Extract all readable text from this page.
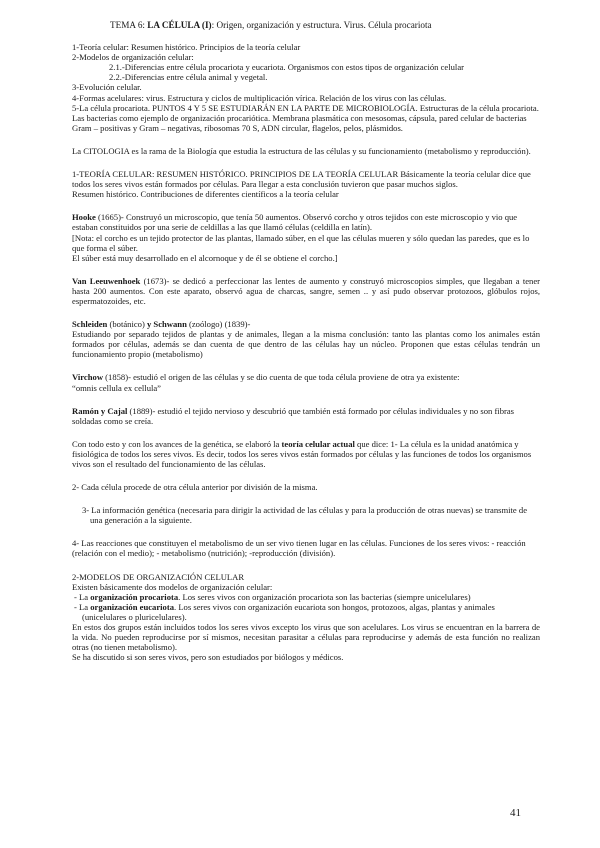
TEMA 6: LA CÉLULA (I): Origen, organización y estructura. Virus. Célula procariota

1-Teoría celular: Resumen histórico. Principios de la teoría celular

2-Modelos de organización celular:

2.1.-Diferencias entre célula procariota y eucariota. Organismos con estos tipos de organización celular

2.2.-Diferencias entre célula animal y vegetal.

3-Evolución celular.

4-Formas acelulares: virus. Estructura y ciclos de multiplicación vírica. Relación de los virus con las células.

5-La célula procariota. PUNTOS 4 Y 5 SE ESTUDIARÁN EN LA PARTE DE MICROBIOLOGÍA. Estructuras de la célula procariota. Las bacterias como ejemplo de organización procariótica. Membrana plasmática con mesosomas, cápsula, pared celular de bacterias Gram – positivas y Gram – negativas, ribosomas 70 S, ADN circular, flagelos, pelos, plásmidos.

La CITOLOGIA es la rama de la Biología que estudia la estructura de las células y su funcionamiento (metabolismo y reproducción).

1-TEORÍA CELULAR: RESUMEN HISTÓRICO. PRINCIPIOS DE LA TEORÍA CELULAR Básicamente la teoría celular dice que todos los seres vivos están formados por células. Para llegar a esta conclusión tuvieron que pasar muchos siglos.

Resumen histórico. Contribuciones de diferentes científicos a la teoría celular

Hooke (1665)- Construyó un microscopio, que tenía 50 aumentos. Observó corcho y otros tejidos con este microscopio y vio que estaban constituidos por una serie de celdillas a las que llamó células (celdilla en latín).

[Nota: el corcho es un tejido protector de las plantas, llamado súber, en el que las células mueren y sólo quedan las paredes, que es lo que forma el súber.

El súber está muy desarrollado en el alcornoque y de él se obtiene el corcho.]

Van Leeuwenhoek (1673)- se dedicó a perfeccionar las lentes de aumento y construyó microscopios simples, que llegaban a tener hasta 200 aumentos. Con este aparato, observó agua de charcas, sangre, semen .. y así pudo observar protozoos, glóbulos rojos, espermatozoides, etc.

Schleiden (botánico) y Schwann (zoólogo) (1839)-

Estudiando por separado tejidos de plantas y de animales, llegan a la misma conclusión: tanto las plantas como los animales están formados por células, además se dan cuenta de que dentro de las células hay un núcleo. Proponen que estas células tendrán un funcionamiento propio (metabolismo)

Virchow (1858)- estudió el origen de las células y se dio cuenta de que toda célula proviene de otra ya existente:

“omnis cellula ex cellula”

Ramón y Cajal (1889)- estudió el tejido nervioso y descubrió que también está formado por células individuales y no son fibras soldadas como se creía.

Con todo esto y con los avances de la genética, se elaboró la teoría celular actual que dice: 1- La célula es la unidad anatómica y fisiológica de todos los seres vivos. Es decir, todos los seres vivos están formados por células y las funciones de todos los organismos vivos son el resultado del funcionamiento de las células.

2- Cada célula procede de otra célula anterior por división de la misma.

3- La información genética (necesaria para dirigir la actividad de las células y para la producción de otras nuevas) se transmite de una generación a la siguiente.

4- Las reacciones que constituyen el metabolismo de un ser vivo tienen lugar en las células. Funciones de los seres vivos: - reacción (relación con el medio); - metabolismo (nutrición); -reproducción (división).

2-MODELOS DE ORGANIZACIÓN CELULAR

Existen básicamente dos modelos de organización celular:

- La organización procariota. Los seres vivos con organización procariota son las bacterias (siempre unicelulares)

- La organización eucariota. Los seres vivos con organización eucariota son hongos, protozoos, algas, plantas y animales (unicelulares o pluricelulares).

En estos dos grupos están incluidos todos los seres vivos excepto los virus que son acelulares. Los virus se encuentran en la barrera de la vida. No pueden reproducirse por sí mismos, necesitan parasitar a células para reproducirse y además de esta función no realizan otras (no tienen metabolismo).

Se ha discutido si son seres vivos, pero son estudiados por biólogos y médicos.

41
